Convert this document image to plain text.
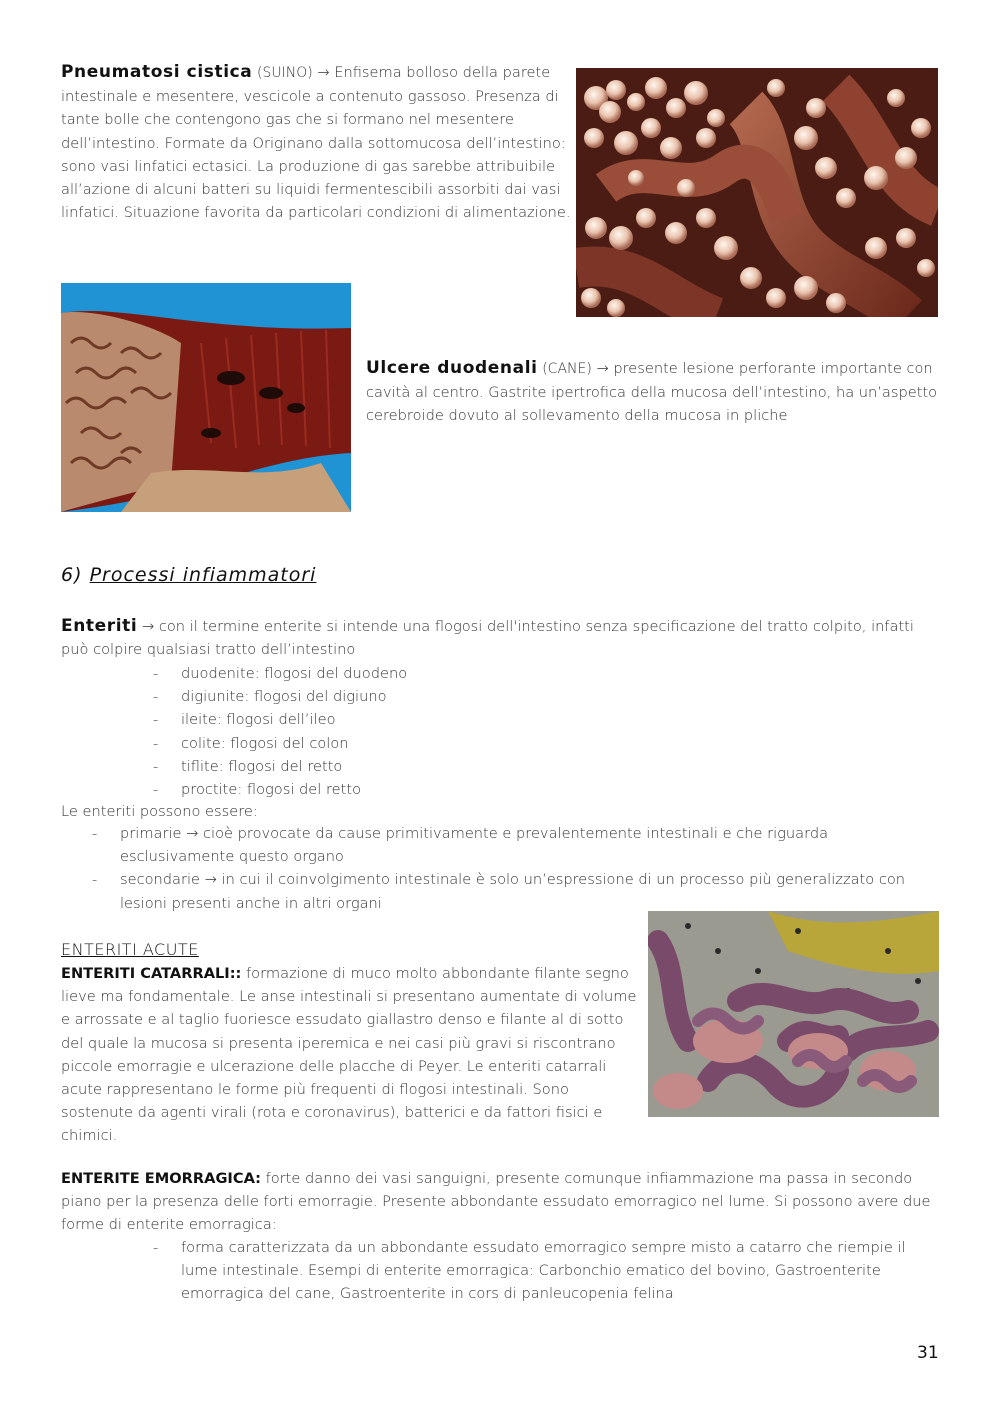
Pneumatosi cistica (SUINO) → Enfisema bolloso della parete intestinale e mesentere, vescicole a contenuto gassoso. Presenza di tante bolle che contengono gas che si formano nel mesentere dell’intestino. Formate da Originano dalla sottomucosa dell’intestino: sono vasi linfatici ectasici. La produzione di gas sarebbe attribuibile all’azione di alcuni batteri su liquidi fermentescibili assorbiti dai vasi linfatici. Situazione favorita da particolari condizioni di alimentazione.
Ulcere duodenali (CANE) → presente lesione perforante importante con cavità al centro. Gastrite ipertrofica della mucosa dell’intestino, ha un’aspetto cerebroide dovuto al sollevamento della mucosa in pliche
6) Processi infiammatori
Enteriti → con il termine enterite si intende una flogosi dell'intestino senza specificazione del tratto colpito, infatti può colpire qualsiasi tratto dell’intestino
- duodenite: flogosi del duodeno
- digiunite: flogosi del digiuno
- ileite: flogosi dell’ileo
- colite: flogosi del colon
- tiflite: flogosi del retto
- proctite: flogosi del retto
Le enteriti possono essere:
- primarie → cioè provocate da cause primitivamente e prevalentemente intestinali e che riguarda esclusivamente questo organo
- secondarie → in cui il coinvolgimento intestinale è solo un’espressione di un processo più generalizzato con lesioni presenti anche in altri organi
ENTERITI ACUTE
ENTERITI CATARRALI:: formazione di muco molto abbondante filante segno lieve ma fondamentale. Le anse intestinali si presentano aumentate di volume e arrossate e al taglio fuoriesce essudato giallastro denso e filante al di sotto del quale la mucosa si presenta iperemica e nei casi più gravi si riscontrano piccole emorragie e ulcerazione delle placche di Peyer. Le enteriti catarrali acute rappresentano le forme più frequenti di flogosi intestinali. Sono sostenute da agenti virali (rota e coronavirus), batterici e da fattori fisici e chimici.
ENTERITE EMORRAGICA: forte danno dei vasi sanguigni, presente comunque infiammazione ma passa in secondo piano per la presenza delle forti emorragie. Presente abbondante essudato emorragico nel lume. Si possono avere due forme di enterite emorragica:
- forma caratterizzata da un abbondante essudato emorragico sempre misto a catarro che riempie il lume intestinale. Esempi di enterite emorragica: Carbonchio ematico del bovino, Gastroenterite emorragica del cane, Gastroenterite in cors di panleucopenia felina
31
